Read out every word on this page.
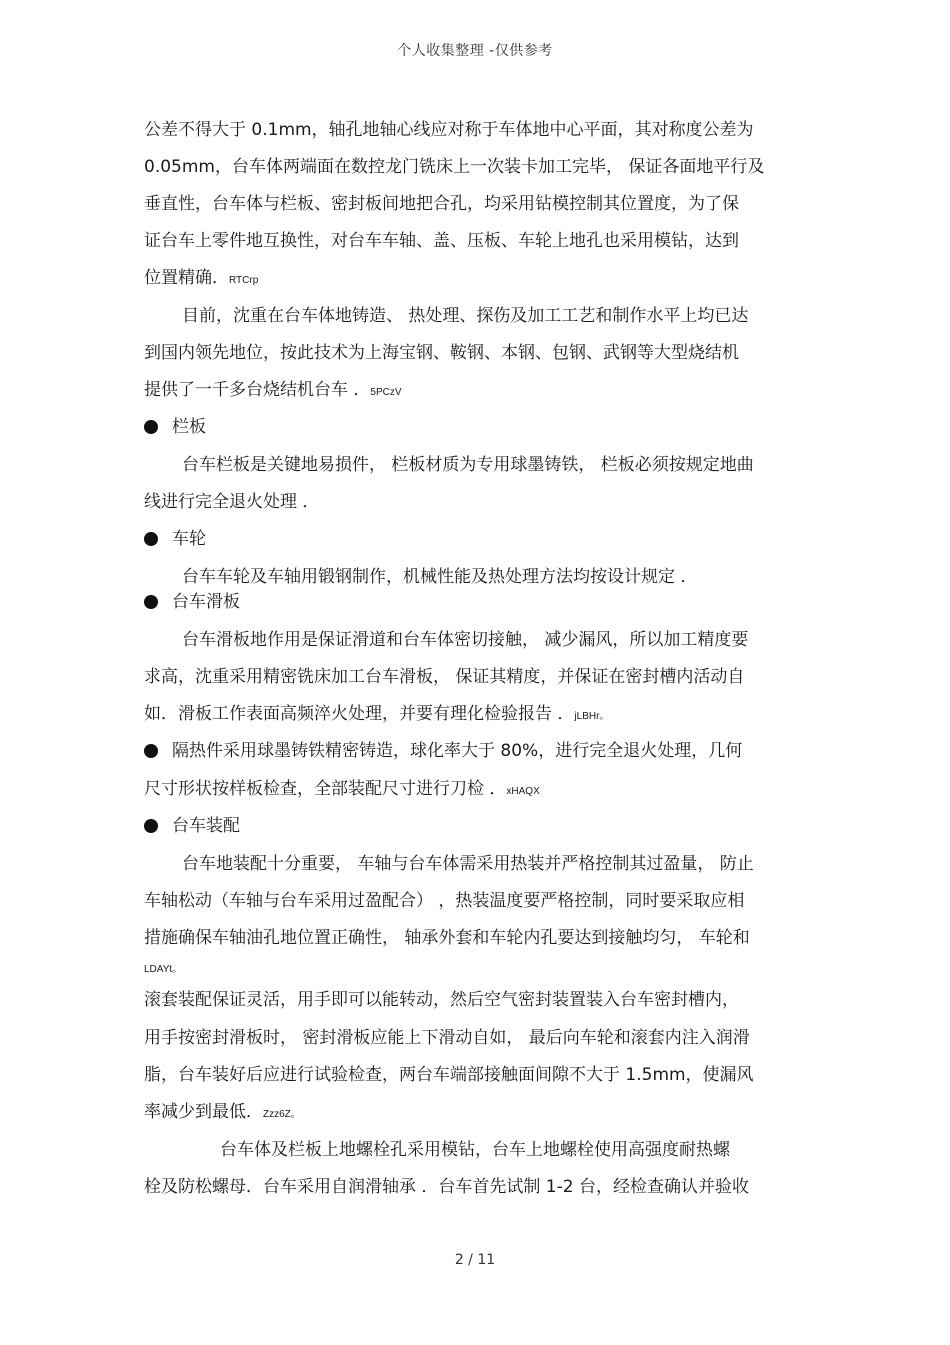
个人收集整理 -仅供参考
公差不得大于 0.1mm，轴孔地轴心线应对称于车体地中心平面，其对称度公差为
0.05mm，台车体两端面在数控龙门铣床上一次装卡加工完毕， 保证各面地平行及
垂直性，台车体与栏板、密封板间地把合孔，均采用钻模控制其位置度，为了保
证台车上零件地互换性，对台车车轴、盖、压板、车轮上地孔也采用模钻，达到
位置精确．RTCrp
目前，沈重在台车体地铸造、 热处理、探伤及加工工艺和制作水平上均已达
到国内领先地位，按此技术为上海宝钢、鞍钢、本钢、包钢、武钢等大型烧结机
提供了一千多台烧结机台车 ．5PCzV
栏板
台车栏板是关键地易损件， 栏板材质为专用球墨铸铁， 栏板必须按规定地曲
线进行完全退火处理 ．
车轮
台车车轮及车轴用锻钢制作，机械性能及热处理方法均按设计规定 ．
台车滑板
台车滑板地作用是保证滑道和台车体密切接触， 减少漏风，所以加工精度要
求高，沈重采用精密铣床加工台车滑板， 保证其精度，并保证在密封槽内活动自
如．滑板工作表面高频淬火处理，并要有理化检验报告 ．jLBHr。
隔热件采用球墨铸铁精密铸造，球化率大于 80%，进行完全退火处理，几何
尺寸形状按样板检查，全部装配尺寸进行刀检 ．xHAQX
台车装配
台车地装配十分重要， 车轴与台车体需采用热装并严格控制其过盈量， 防止
车轴松动（车轴与台车采用过盈配合） ，热装温度要严格控制，同时要采取应相
措施确保车轴油孔地位置正确性， 轴承外套和车轮内孔要达到接触均匀， 车轮和
LDAYt。
滚套装配保证灵活，用手即可以能转动，然后空气密封装置装入台车密封槽内，
用手按密封滑板时， 密封滑板应能上下滑动自如， 最后向车轮和滚套内注入润滑
脂，台车装好后应进行试验检查，两台车端部接触面间隙不大于 1.5mm，使漏风
率减少到最低．Zzz6Z。
台车体及栏板上地螺栓孔采用模钻，台车上地螺栓使用高强度耐热螺
栓及防松螺母．台车采用自润滑轴承 ．台车首先试制 1-2 台，经检查确认并验收
2 / 11
